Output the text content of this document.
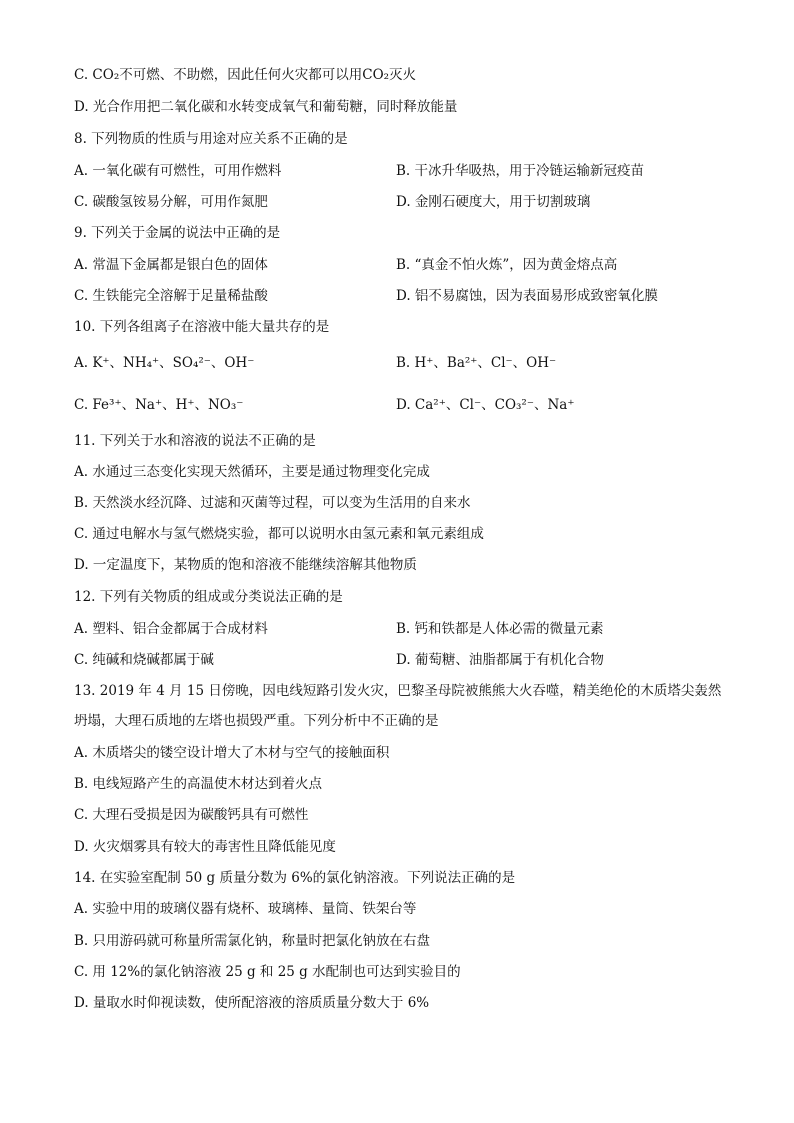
C. CO₂不可燃、不助燃，因此任何火灾都可以用CO₂灭火
D. 光合作用把二氧化碳和水转变成氧气和葡萄糖，同时释放能量
8. 下列物质的性质与用途对应关系不正确的是
A. 一氧化碳有可燃性，可用作燃料	B. 干冰升华吸热，用于冷链运输新冠疫苗
C. 碳酸氢铵易分解，可用作氮肥	D. 金刚石硬度大，用于切割玻璃
9. 下列关于金属的说法中正确的是
A. 常温下金属都是银白色的固体	B. “真金不怕火炼”，因为黄金熔点高
C. 生铁能完全溶解于足量稀盐酸	D. 铝不易腐蚀，因为表面易形成致密氧化膜
10. 下列各组离子在溶液中能大量共存的是
A. K⁺、NH₄⁺、SO₄²⁻、OH⁻	B. H⁺、Ba²⁺、Cl⁻、OH⁻
C. Fe³⁺、Na⁺、H⁺、NO₃⁻	D. Ca²⁺、Cl⁻、CO₃²⁻、Na⁺
11. 下列关于水和溶液的说法不正确的是
A. 水通过三态变化实现天然循环，主要是通过物理变化完成
B. 天然淡水经沉降、过滤和灭菌等过程，可以变为生活用的自来水
C. 通过电解水与氢气燃烧实验，都可以说明水由氢元素和氧元素组成
D. 一定温度下，某物质的饱和溶液不能继续溶解其他物质
12. 下列有关物质的组成或分类说法正确的是
A. 塑料、铝合金都属于合成材料	B. 钙和铁都是人体必需的微量元素
C. 纯碱和烧碱都属于碱	D. 葡萄糖、油脂都属于有机化合物
13. 2019 年 4 月 15 日傍晚，因电线短路引发火灾，巴黎圣母院被熊熊大火吞噬，精美绝伦的木质塔尖轰然
坍塌，大理石质地的左塔也损毁严重。下列分析中不正确的是
A. 木质塔尖的镂空设计增大了木材与空气的接触面积
B. 电线短路产生的高温使木材达到着火点
C. 大理石受损是因为碳酸钙具有可燃性
D. 火灾烟雾具有较大的毒害性且降低能见度
14. 在实验室配制 50 g 质量分数为 6%的氯化钠溶液。下列说法正确的是
A. 实验中用的玻璃仪器有烧杯、玻璃棒、量筒、铁架台等
B. 只用游码就可称量所需氯化钠，称量时把氯化钠放在右盘
C. 用 12%的氯化钠溶液 25 g 和 25 g 水配制也可达到实验目的
D. 量取水时仰视读数，使所配溶液的溶质质量分数大于 6%
